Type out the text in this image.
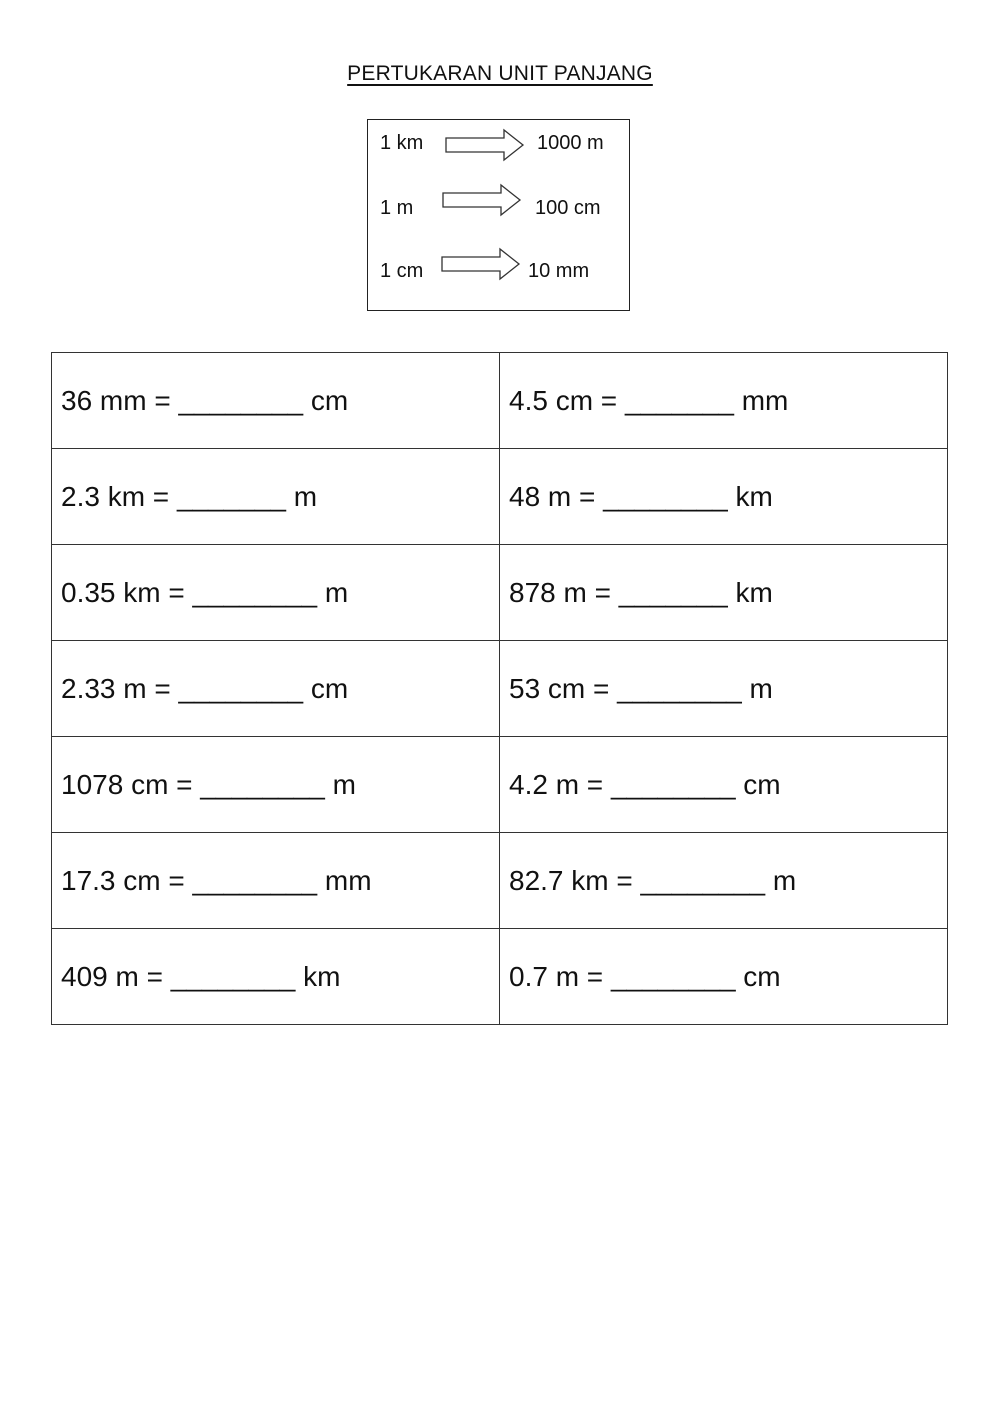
PERTUKARAN UNIT PANJANG
1 km	1000 m
1 m	100 cm
1 cm	10 mm
36 mm = ________ cm	4.5 cm = _______ mm
2.3 km = _______ m	48 m = ________ km
0.35 km = ________ m	878 m = _______ km
2.33 m = ________ cm	53 cm = ________ m
1078 cm = ________ m	4.2 m = ________ cm
17.3 cm = ________ mm	82.7 km = ________ m
409 m = ________ km	0.7 m = ________ cm
